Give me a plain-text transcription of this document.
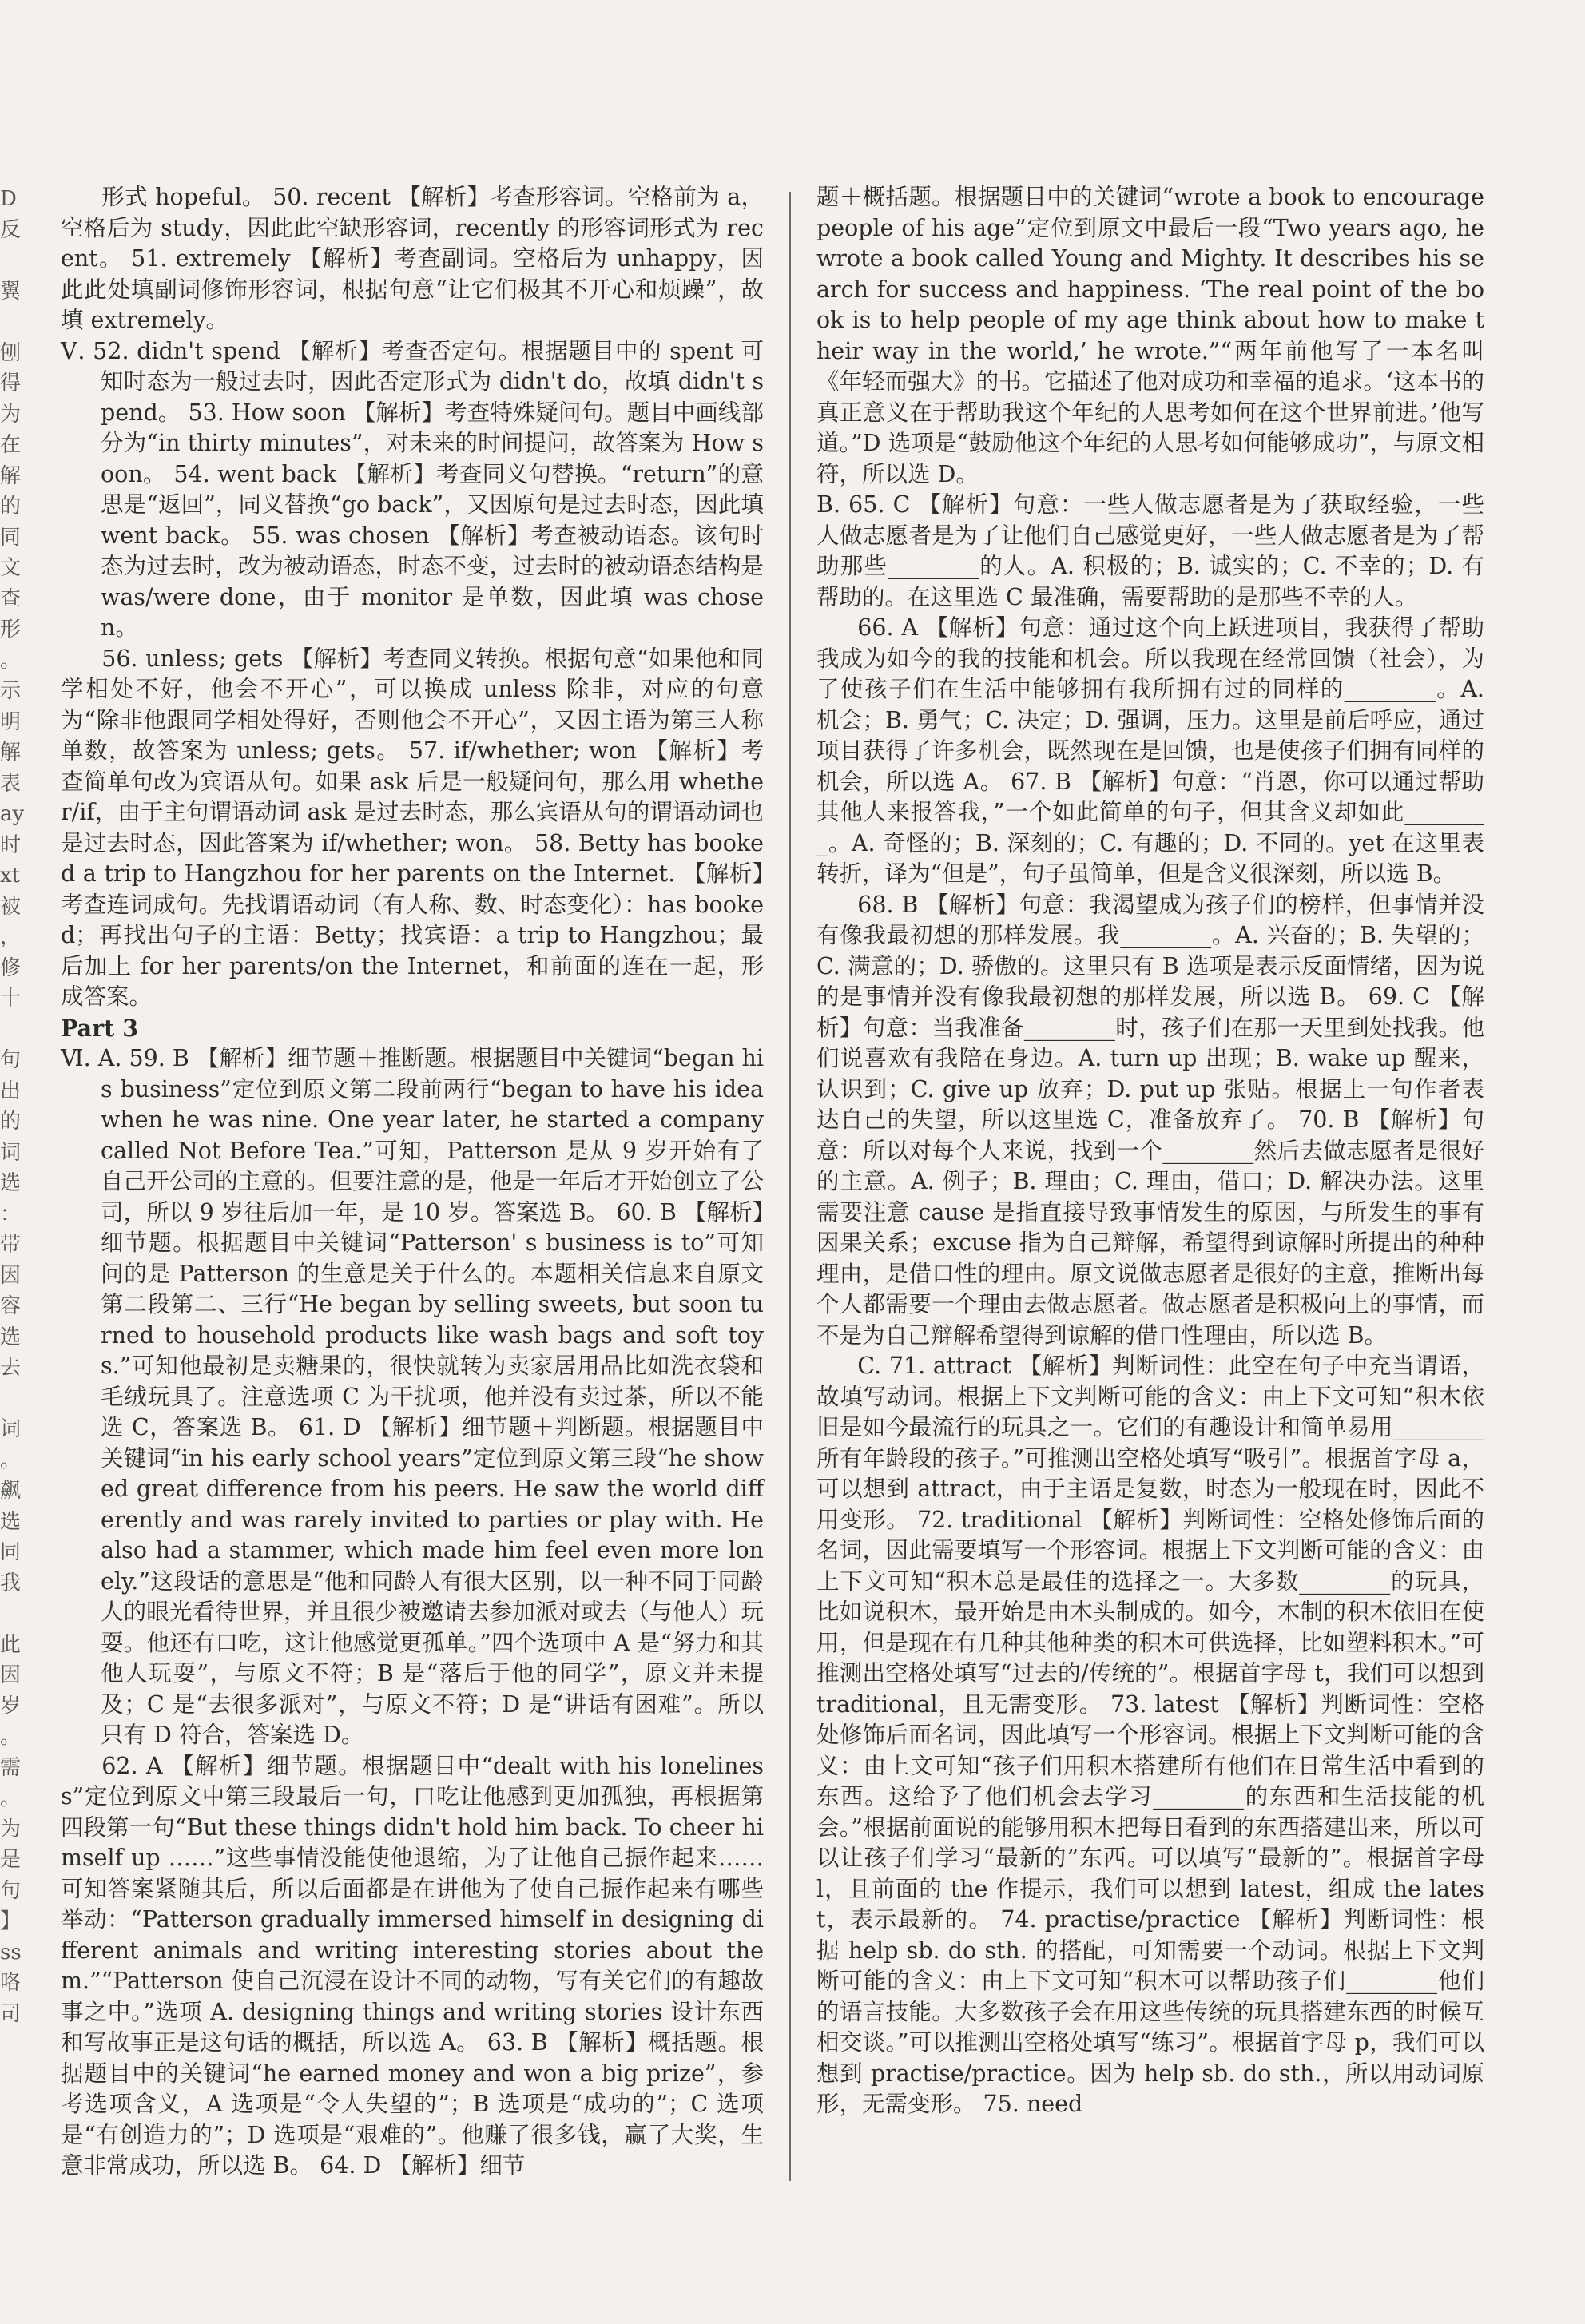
D
反

翼

刨
得
为
在
解
的
同
文
查
形
。
示
明
解
表
ay
时
xt
被
，
修
十

句
出
的
词
选
：
带
因
容
选
去

词
。
飙
选
同
我

此
因
岁
。
需
。
为
是
句
】
ss
咯
司

形式 hopeful。 50. recent 【解析】考查形容词。空格前为 a，空格后为 study，因此此空缺形容词，recently 的形容词形式为 recent。 51. extremely 【解析】考查副词。空格后为 unhappy，因此此处填副词修饰形容词，根据句意“让它们极其不开心和烦躁”，故填 extremely。

Ⅴ. 52. didn't spend 【解析】考查否定句。根据题目中的 spent 可知时态为一般过去时，因此否定形式为 didn't do，故填 didn't spend。 53. How soon 【解析】考查特殊疑问句。题目中画线部分为“in thirty minutes”，对未来的时间提问，故答案为 How soon。 54. went back 【解析】考查同义句替换。“return”的意思是“返回”，同义替换“go back”，又因原句是过去时态，因此填 went back。 55. was chosen 【解析】考查被动语态。该句时态为过去时，改为被动语态，时态不变，过去时的被动语态结构是 was/were done，由于 monitor 是单数，因此填 was chosen。

56. unless; gets 【解析】考查同义转换。根据句意“如果他和同学相处不好，他会不开心”，可以换成 unless 除非，对应的句意为“除非他跟同学相处得好，否则他会不开心”，又因主语为第三人称单数，故答案为 unless; gets。 57. if/whether; won 【解析】考查简单句改为宾语从句。如果 ask 后是一般疑问句，那么用 whether/if，由于主句谓语动词 ask 是过去时态，那么宾语从句的谓语动词也是过去时态，因此答案为 if/whether; won。 58. Betty has booked a trip to Hangzhou for her parents on the Internet. 【解析】考查连词成句。先找谓语动词（有人称、数、时态变化）：has booked；再找出句子的主语：Betty；找宾语：a trip to Hangzhou；最后加上 for her parents/on the Internet，和前面的连在一起，形成答案。

Part 3

Ⅵ. A. 59. B 【解析】细节题＋推断题。根据题目中关键词“began his business”定位到原文第二段前两行“began to have his idea when he was nine. One year later, he started a company called Not Before Tea.”可知，Patterson 是从 9 岁开始有了自己开公司的主意的。但要注意的是，他是一年后才开始创立了公司，所以 9 岁往后加一年，是 10 岁。答案选 B。 60. B 【解析】细节题。根据题目中关键词“Patterson' s business is to”可知问的是 Patterson 的生意是关于什么的。本题相关信息来自原文第二段第二、三行“He began by selling sweets, but soon turned to household products like wash bags and soft toys.”可知他最初是卖糖果的，很快就转为卖家居用品比如洗衣袋和毛绒玩具了。注意选项 C 为干扰项，他并没有卖过茶，所以不能选 C，答案选 B。 61. D 【解析】细节题＋判断题。根据题目中关键词“in his early school years”定位到原文第三段“he showed great difference from his peers. He saw the world differently and was rarely invited to parties or play with. He also had a stammer, which made him feel even more lonely.”这段话的意思是“他和同龄人有很大区别，以一种不同于同龄人的眼光看待世界，并且很少被邀请去参加派对或去（与他人）玩耍。他还有口吃，这让他感觉更孤单。”四个选项中 A 是“努力和其他人玩耍”，与原文不符；B 是“落后于他的同学”，原文并未提及；C 是“去很多派对”，与原文不符；D 是“讲话有困难”。所以只有 D 符合，答案选 D。

62. A 【解析】细节题。根据题目中“dealt with his loneliness”定位到原文中第三段最后一句，口吃让他感到更加孤独，再根据第四段第一句“But these things didn't hold him back. To cheer himself up ……”这些事情没能使他退缩，为了让他自己振作起来……可知答案紧随其后，所以后面都是在讲他为了使自己振作起来有哪些举动：“Patterson gradually immersed himself in designing different animals and writing interesting stories about them.”“Patterson 使自己沉浸在设计不同的动物，写有关它们的有趣故事之中。”选项 A. designing things and writing stories 设计东西和写故事正是这句话的概括，所以选 A。 63. B 【解析】概括题。根据题目中的关键词“he earned money and won a big prize”，参考选项含义，A 选项是“令人失望的”；B 选项是“成功的”；C 选项是“有创造力的”；D 选项是“艰难的”。他赚了很多钱，赢了大奖，生意非常成功，所以选 B。 64. D 【解析】细节

题＋概括题。根据题目中的关键词“wrote a book to encourage people of his age”定位到原文中最后一段“Two years ago, he wrote a book called Young and Mighty. It describes his search for success and happiness. ‘The real point of the book is to help people of my age think about how to make their way in the world,’ he wrote.”“两年前他写了一本名叫《年轻而强大》的书。它描述了他对成功和幸福的追求。‘这本书的真正意义在于帮助我这个年纪的人思考如何在这个世界前进。’他写道。”D 选项是“鼓励他这个年纪的人思考如何能够成功”，与原文相符，所以选 D。

B. 65. C 【解析】句意：一些人做志愿者是为了获取经验，一些人做志愿者是为了让他们自己感觉更好，一些人做志愿者是为了帮助那些________的人。A. 积极的；B. 诚实的；C. 不幸的；D. 有帮助的。在这里选 C 最准确，需要帮助的是那些不幸的人。

66. A 【解析】句意：通过这个向上跃进项目，我获得了帮助我成为如今的我的技能和机会。所以我现在经常回馈（社会），为了使孩子们在生活中能够拥有我所拥有过的同样的________。A. 机会；B. 勇气；C. 决定；D. 强调，压力。这里是前后呼应，通过项目获得了许多机会，既然现在是回馈，也是使孩子们拥有同样的机会，所以选 A。 67. B 【解析】句意：“肖恩，你可以通过帮助其他人来报答我，”一个如此简单的句子，但其含义却如此________。A. 奇怪的；B. 深刻的；C. 有趣的；D. 不同的。yet 在这里表转折，译为“但是”，句子虽简单，但是含义很深刻，所以选 B。

68. B 【解析】句意：我渴望成为孩子们的榜样，但事情并没有像我最初想的那样发展。我________。A. 兴奋的；B. 失望的；C. 满意的；D. 骄傲的。这里只有 B 选项是表示反面情绪，因为说的是事情并没有像我最初想的那样发展，所以选 B。 69. C 【解析】句意：当我准备________时，孩子们在那一天里到处找我。他们说喜欢有我陪在身边。A. turn up 出现；B. wake up 醒来，认识到；C. give up 放弃；D. put up 张贴。根据上一句作者表达自己的失望，所以这里选 C，准备放弃了。 70. B 【解析】句意：所以对每个人来说，找到一个________然后去做志愿者是很好的主意。A. 例子；B. 理由；C. 理由，借口；D. 解决办法。这里需要注意 cause 是指直接导致事情发生的原因，与所发生的事有因果关系；excuse 指为自己辩解，希望得到谅解时所提出的种种理由，是借口性的理由。原文说做志愿者是很好的主意，推断出每个人都需要一个理由去做志愿者。做志愿者是积极向上的事情，而不是为自己辩解希望得到谅解的借口性理由，所以选 B。

C. 71. attract 【解析】判断词性：此空在句子中充当谓语，故填写动词。根据上下文判断可能的含义：由上下文可知“积木依旧是如今最流行的玩具之一。它们的有趣设计和简单易用________所有年龄段的孩子。”可推测出空格处填写“吸引”。根据首字母 a，可以想到 attract，由于主语是复数，时态为一般现在时，因此不用变形。 72. traditional 【解析】判断词性：空格处修饰后面的名词，因此需要填写一个形容词。根据上下文判断可能的含义：由上下文可知“积木总是最佳的选择之一。大多数________的玩具，比如说积木，最开始是由木头制成的。如今，木制的积木依旧在使用，但是现在有几种其他种类的积木可供选择，比如塑料积木。”可推测出空格处填写“过去的/传统的”。根据首字母 t，我们可以想到 traditional，且无需变形。 73. latest 【解析】判断词性：空格处修饰后面名词，因此填写一个形容词。根据上下文判断可能的含义：由上文可知“孩子们用积木搭建所有他们在日常生活中看到的东西。这给予了他们机会去学习________的东西和生活技能的机会。”根据前面说的能够用积木把每日看到的东西搭建出来，所以可以让孩子们学习“最新的”东西。可以填写“最新的”。根据首字母 l，且前面的 the 作提示，我们可以想到 latest，组成 the latest，表示最新的。 74. practise/practice 【解析】判断词性：根据 help sb. do sth. 的搭配，可知需要一个动词。根据上下文判断可能的含义：由上下文可知“积木可以帮助孩子们________他们的语言技能。大多数孩子会在用这些传统的玩具搭建东西的时候互相交谈。”可以推测出空格处填写“练习”。根据首字母 p，我们可以想到 practise/practice。因为 help sb. do sth.，所以用动词原形，无需变形。 75. need
